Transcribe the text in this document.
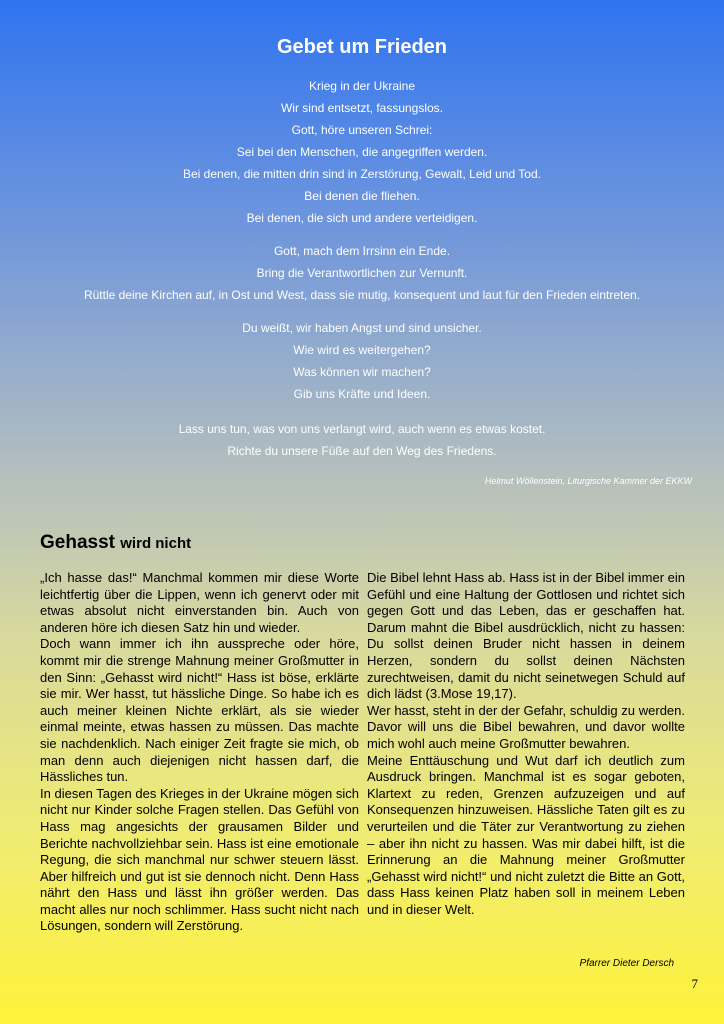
Gebet um Frieden
Krieg in der Ukraine
Wir sind entsetzt, fassungslos.
Gott, höre unseren Schrei:
Sei bei den Menschen, die angegriffen werden.
Bei denen, die mitten drin sind in Zerstörung, Gewalt, Leid und Tod.
Bei denen die fliehen.
Bei denen, die sich und andere verteidigen.
Gott, mach dem Irrsinn ein Ende.
Bring die Verantwortlichen zur Vernunft.
Rüttle deine Kirchen auf, in Ost und West, dass sie mutig, konsequent und laut für den Frieden eintreten.
Du weißt, wir haben Angst und sind unsicher.
Wie wird es weitergehen?
Was können wir machen?
Gib uns Kräfte und Ideen.
Lass uns tun, was von uns verlangt wird, auch wenn es etwas kostet.
Richte du unsere Füße auf den Weg des Friedens.
Helmut Wöllenstein, Liturgische Kammer der EKKW
Gehasst wird nicht

„Ich hasse das!“ Manchmal kommen mir diese Worte leichtfertig über die Lippen, wenn ich genervt oder mit etwas absolut nicht einverstanden bin. Auch von anderen höre ich diesen Satz hin und wieder.

Doch wann immer ich ihn ausspreche oder höre, kommt mir die strenge Mahnung meiner Großmutter in den Sinn: „Gehasst wird nicht!“ Hass ist böse, erklärte sie mir. Wer hasst, tut hässliche Dinge. So habe ich es auch meiner kleinen Nichte erklärt, als sie wieder einmal meinte, etwas hassen zu müssen. Das machte sie nachdenklich. Nach einiger Zeit fragte sie mich, ob man denn auch diejenigen nicht hassen darf, die Hässliches tun.

In diesen Tagen des Krieges in der Ukraine mögen sich nicht nur Kinder solche Fragen stellen. Das Gefühl von Hass mag angesichts der grausamen Bilder und Berichte nachvollziehbar sein. Hass ist eine emotionale Regung, die sich manchmal nur schwer steuern lässt. Aber hilfreich und gut ist sie dennoch nicht. Denn Hass nährt den Hass und lässt ihn größer werden. Das macht alles nur noch schlimmer. Hass sucht nicht nach Lösungen, sondern will Zerstörung.

Die Bibel lehnt Hass ab. Hass ist in der Bibel immer ein Gefühl und eine Haltung der Gottlosen und richtet sich gegen Gott und das Leben, das er geschaffen hat. Darum mahnt die Bibel ausdrücklich, nicht zu hassen: Du sollst deinen Bruder nicht hassen in deinem Herzen, sondern du sollst deinen Nächsten zurechtweisen, damit du nicht seinetwegen Schuld auf dich lädst (3.Mose 19,17).

Wer hasst, steht in der der Gefahr, schuldig zu werden. Davor will uns die Bibel bewahren, und davor wollte mich wohl auch meine Großmutter bewahren.

Meine Enttäuschung und Wut darf ich deutlich zum Ausdruck bringen. Manchmal ist es sogar geboten, Klartext zu reden, Grenzen aufzuzeigen und auf Konsequenzen hinzuweisen. Hässliche Taten gilt es zu verurteilen und die Täter zur Verantwortung zu ziehen – aber ihn nicht zu hassen. Was mir dabei hilft, ist die Erinnerung an die Mahnung meiner Großmutter „Gehasst wird nicht!“ und nicht zuletzt die Bitte an Gott, dass Hass keinen Platz haben soll in meinem Leben und in dieser Welt.

Pfarrer Dieter Dersch
7
